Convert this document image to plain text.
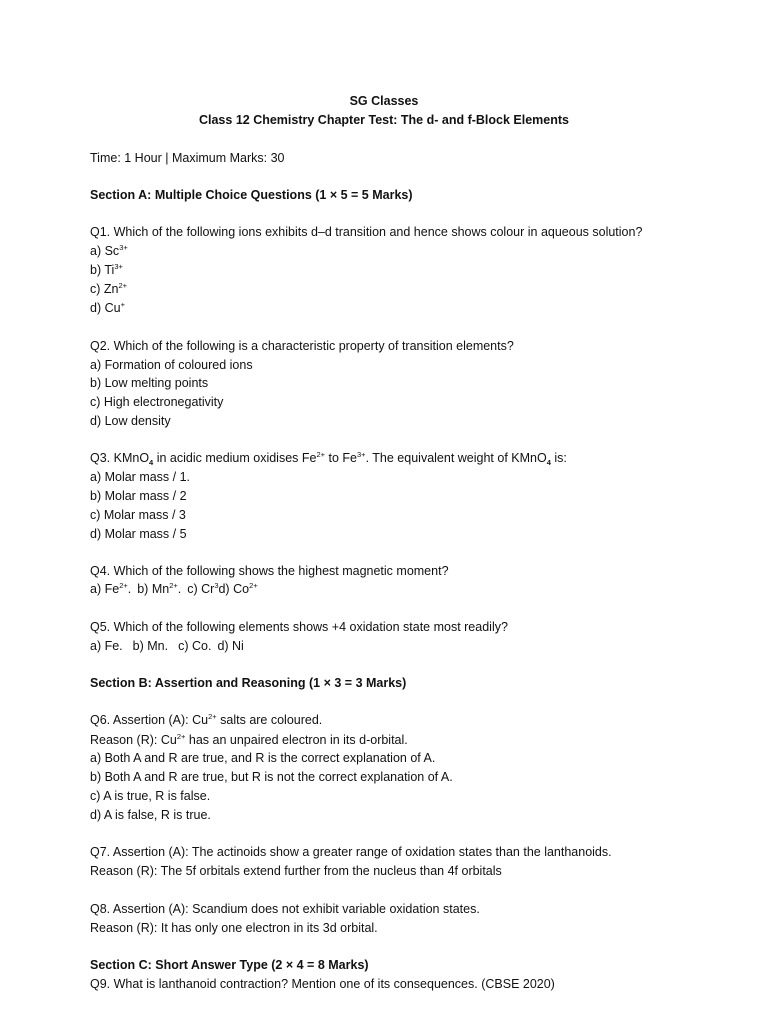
SG Classes
Class 12 Chemistry Chapter Test: The d- and f-Block Elements
Time: 1 Hour | Maximum Marks: 30
Section A: Multiple Choice Questions (1 × 5 = 5 Marks)
Q1. Which of the following ions exhibits d–d transition and hence shows colour in aqueous solution?
a) $Sc^{3+}$
b) $Ti^{3+}$
c) $Zn^{2+}$
d) Cu+
Q2. Which of the following is a characteristic property of transition elements?
a) Formation of coloured ions
b) Low melting points
c) High electronegativity
d) Low density
Q3. KMnO$_4$ in acidic medium oxidises $Fe^{2+}$ to $Fe^{3+}$. The equivalent weight of KMnO$_4$ is:
a) Molar mass / 1.
b) Molar mass / 2
c) Molar mass / 3
d) Molar mass / 5
Q4. Which of the following shows the highest magnetic moment?
a) $Fe^{2+}$. b) $Mn^{2+}$. c) Cr$^3$d) $Co^{2+}$
Q5. Which of the following elements shows +4 oxidation state most readily?
a) Fe. b) Mn. c) Co. d) Ni
Section B: Assertion and Reasoning (1 × 3 = 3 Marks)
Q6. Assertion (A): $Cu^{2+}$ salts are coloured.
Reason (R): $Cu^{2+}$ has an unpaired electron in its d-orbital.
a) Both A and R are true, and R is the correct explanation of A.
b) Both A and R are true, but R is not the correct explanation of A.
c) A is true, R is false.
d) A is false, R is true.
Q7. Assertion (A): The actinoids show a greater range of oxidation states than the lanthanoids.
Reason (R): The 5f orbitals extend further from the nucleus than 4f orbitals
Q8. Assertion (A): Scandium does not exhibit variable oxidation states.
Reason (R): It has only one electron in its 3d orbital.
Section C: Short Answer Type (2 × 4 = 8 Marks)
Q9. What is lanthanoid contraction? Mention one of its consequences. (CBSE 2020)
